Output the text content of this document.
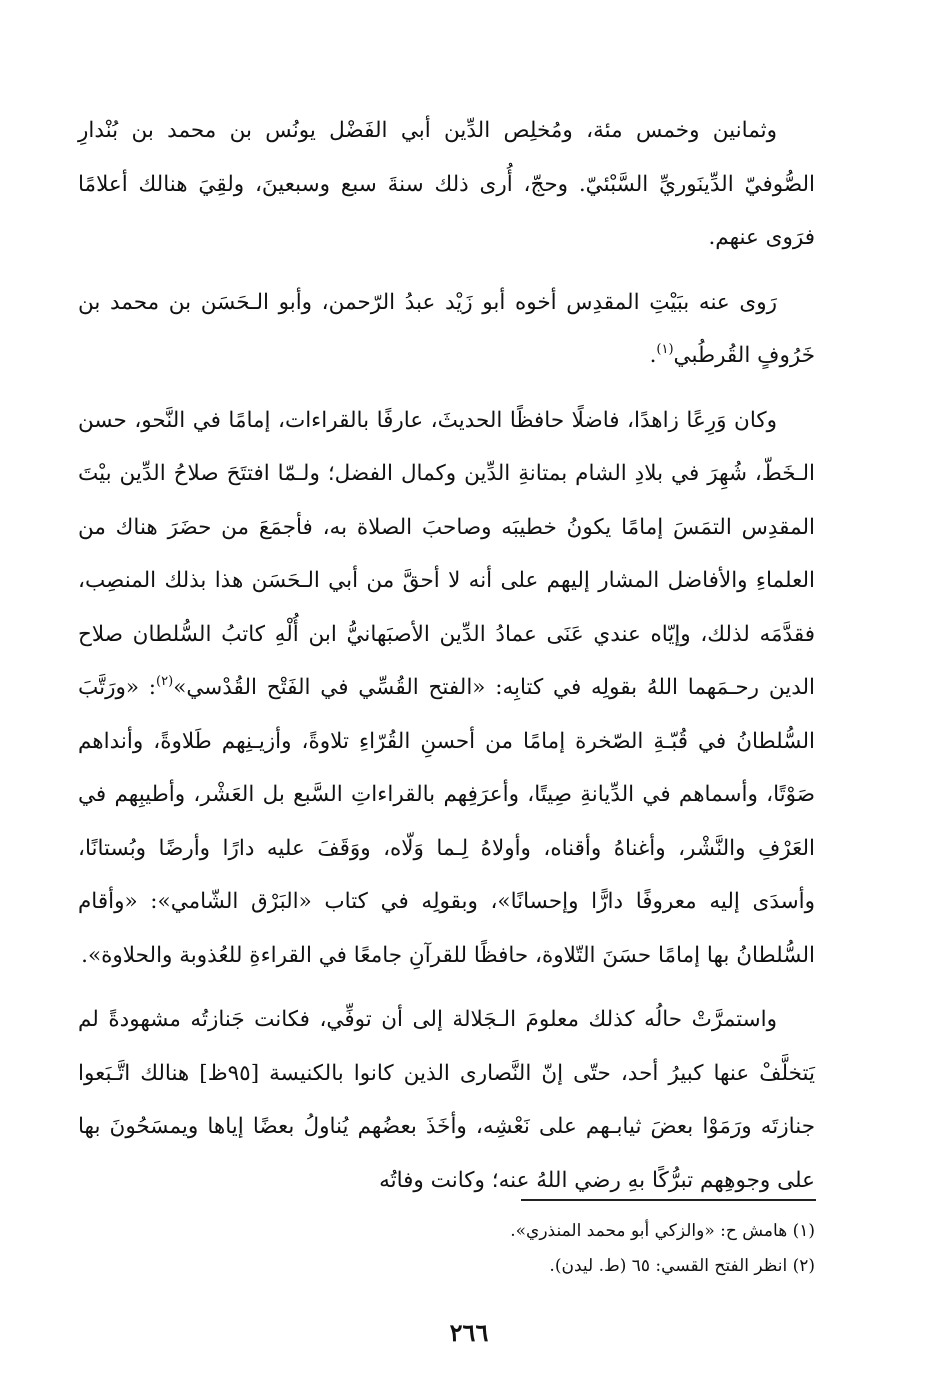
وثمانين وخمس مئة، ومُخلِص الدِّين أبي الفَضْل يونُس بن محمد بن بُنْدارِ الصُّوفيّ الدِّينَوريِّ السَّبْئيّ. وحجّ، أُرى ذلك سنةَ سبع وسبعينَ، ولقِيَ هنالك أعلامًا فرَوى عنهم.

رَوى عنه ببَيْتِ المقدِس أخوه أبو زَيْد عبدُ الرّحمن، وأبو الـحَسَن بن محمد بن خَرُوفٍ القُرطُبي$^{(١)}$.

وكان وَرِعًا زاهدًا، فاضلًا حافظًا الحديثَ، عارفًا بالقراءات، إمامًا في النَّحو، حسن الـخَطّ، شُهِرَ في بلادِ الشام بمتانةِ الدِّين وكمال الفضل؛ ولـمّا افتتَحَ صلاحُ الدِّين بيْتَ المقدِس التمَسَ إمامًا يكونُ خطيبَه وصاحبَ الصلاة به، فأجمَعَ من حضَرَ هناك من العلماءِ والأفاضل المشار إليهم على أنه لا أحقَّ من أبي الـحَسَن هذا بذلك المنصِب، فقدَّمَه لذلك، وإيّاه عندي عَنَى عمادُ الدِّين الأصبَهانيُّ ابن أُلْهِ كاتبُ السُّلطان صلاح الدين رحـمَهما اللهُ بقولِه في كتابِه: «الفتح القُسِّي في الفَتْح القُدْسي»$^{(٢)}$: «ورَتَّبَ السُّلطانُ في قُبّـةِ الصّخرة إمامًا من أحسنِ القُرّاءِ تلاوةً، وأزيـنِهم طَلاوةً، وأنداهم صَوْتًا، وأسماهم في الدِّيانةِ صِيتًا، وأعرَفِهم بالقراءاتِ السَّبع بل العَشْر، وأطيبِهم في العَرْفِ والنَّشْر، وأغناهُ وأقناه، وأولاهُ لِـما وَلّاه، ووَقَفَ عليه دارًا وأرضًا وبُستانًا، وأسدَى إليه معروفًا دارًّا وإحسانًا»، وبقولِه في كتاب «البَرْق الشّامي»: «وأقام السُّلطانُ بها إمامًا حسَنَ التّلاوة، حافظًا للقرآنِ جامعًا في القراءةِ للعُذوبة والحلاوة».

واستمرَّتْ حالُه كذلك معلومَ الـجَلالة إلى أن توفِّي، فكانت جَنازتُه مشهودةً لم يَتخلَّفْ عنها كبيرُ أحد، حتّى إنّ النَّصارى الذين كانوا بالكنيسة [٩٥ظ] هنالك اتَّـبَعوا جنازتَه ورَمَوْا بعضَ ثيابـهم على نَعْشِه، وأخَذَ بعضُهم يُناولُ بعضًا إياها ويمسَحُونَ بها على وجوهِهم تبرُّكًا بهِ رضي اللهُ عنه؛ وكانت وفاتُه

(١) هامش ح: «والزكي أبو محمد المنذري».

(٢) انظر الفتح القسي: ٦٥ (ط. ليدن).

٢٦٦
